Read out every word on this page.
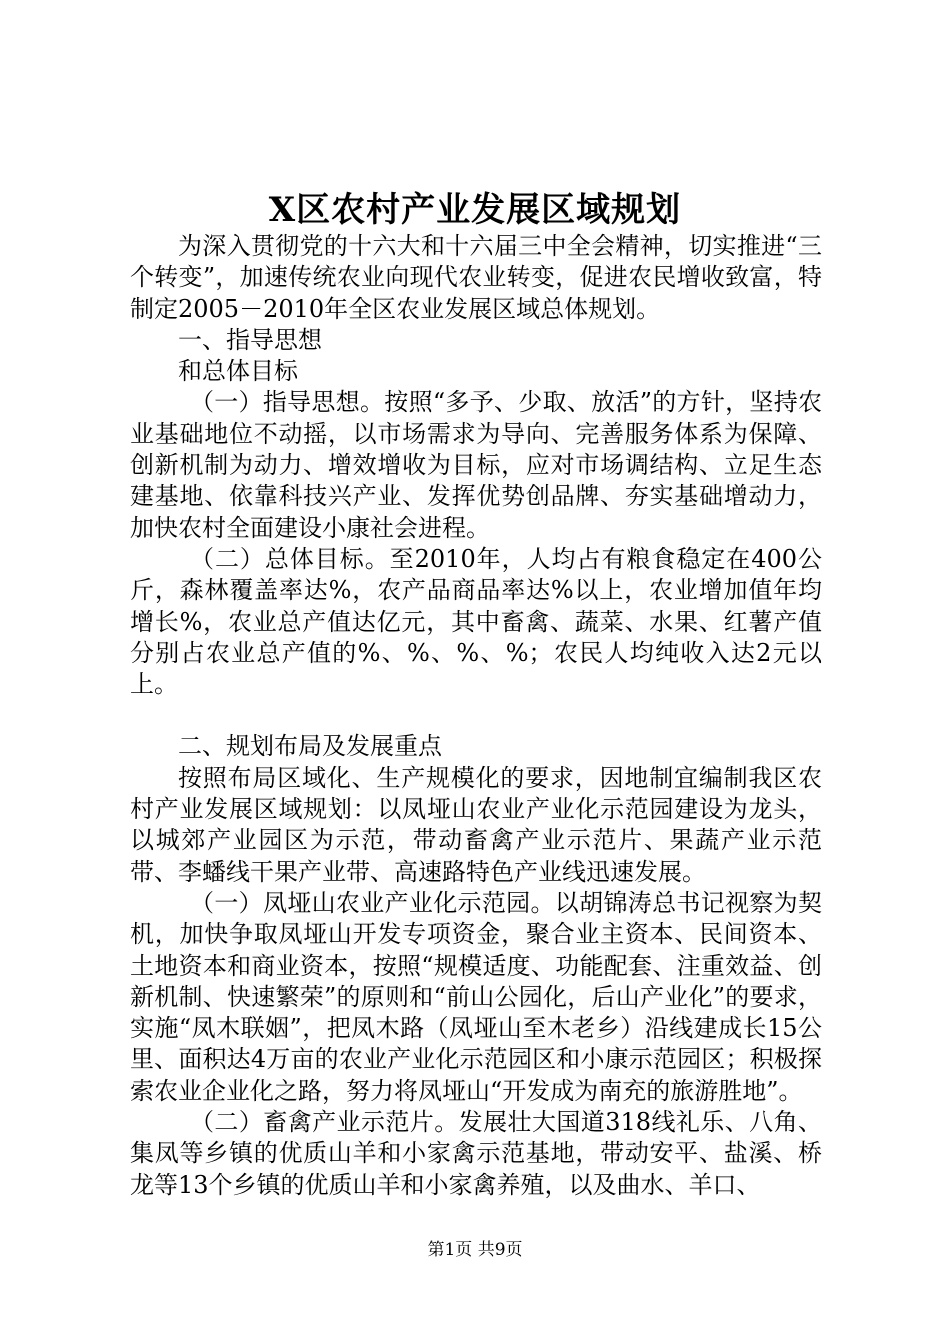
X区农村产业发展区域规划

为深入贯彻党的十六大和十六届三中全会精神，切实推进“三个转变”，加速传统农业向现代农业转变，促进农民增收致富，特制定2005－2010年全区农业发展区域总体规划。

一、指导思想

和总体目标

（一）指导思想。按照“多予、少取、放活”的方针，坚持农业基础地位不动摇，以市场需求为导向、完善服务体系为保障、创新机制为动力、增效增收为目标，应对市场调结构、立足生态建基地、依靠科技兴产业、发挥优势创品牌、夯实基础增动力，加快农村全面建设小康社会进程。

（二）总体目标。至2010年，人均占有粮食稳定在400公斤，森林覆盖率达%，农产品商品率达%以上，农业增加值年均增长%，农业总产值达亿元，其中畜禽、蔬菜、水果、红薯产值分别占农业总产值的%、%、%、%；农民人均纯收入达2元以上。

二、规划布局及发展重点

按照布局区域化、生产规模化的要求，因地制宜编制我区农村产业发展区域规划：以凤垭山农业产业化示范园建设为龙头，以城郊产业园区为示范，带动畜禽产业示范片、果蔬产业示范带、李蟠线干果产业带、高速路特色产业线迅速发展。

（一）凤垭山农业产业化示范园。以胡锦涛总书记视察为契机，加快争取凤垭山开发专项资金，聚合业主资本、民间资本、土地资本和商业资本，按照“规模适度、功能配套、注重效益、创新机制、快速繁荣”的原则和“前山公园化，后山产业化”的要求，实施“凤木联姻”，把凤木路（凤垭山至木老乡）沿线建成长15公里、面积达4万亩的农业产业化示范园区和小康示范园区；积极探索农业企业化之路，努力将凤垭山“开发成为南充的旅游胜地”。

（二）畜禽产业示范片。发展壮大国道318线礼乐、八角、集凤等乡镇的优质山羊和小家禽示范基地，带动安平、盐溪、桥龙等13个乡镇的优质山羊和小家禽养殖，以及曲水、羊口、

第1页 共9页
